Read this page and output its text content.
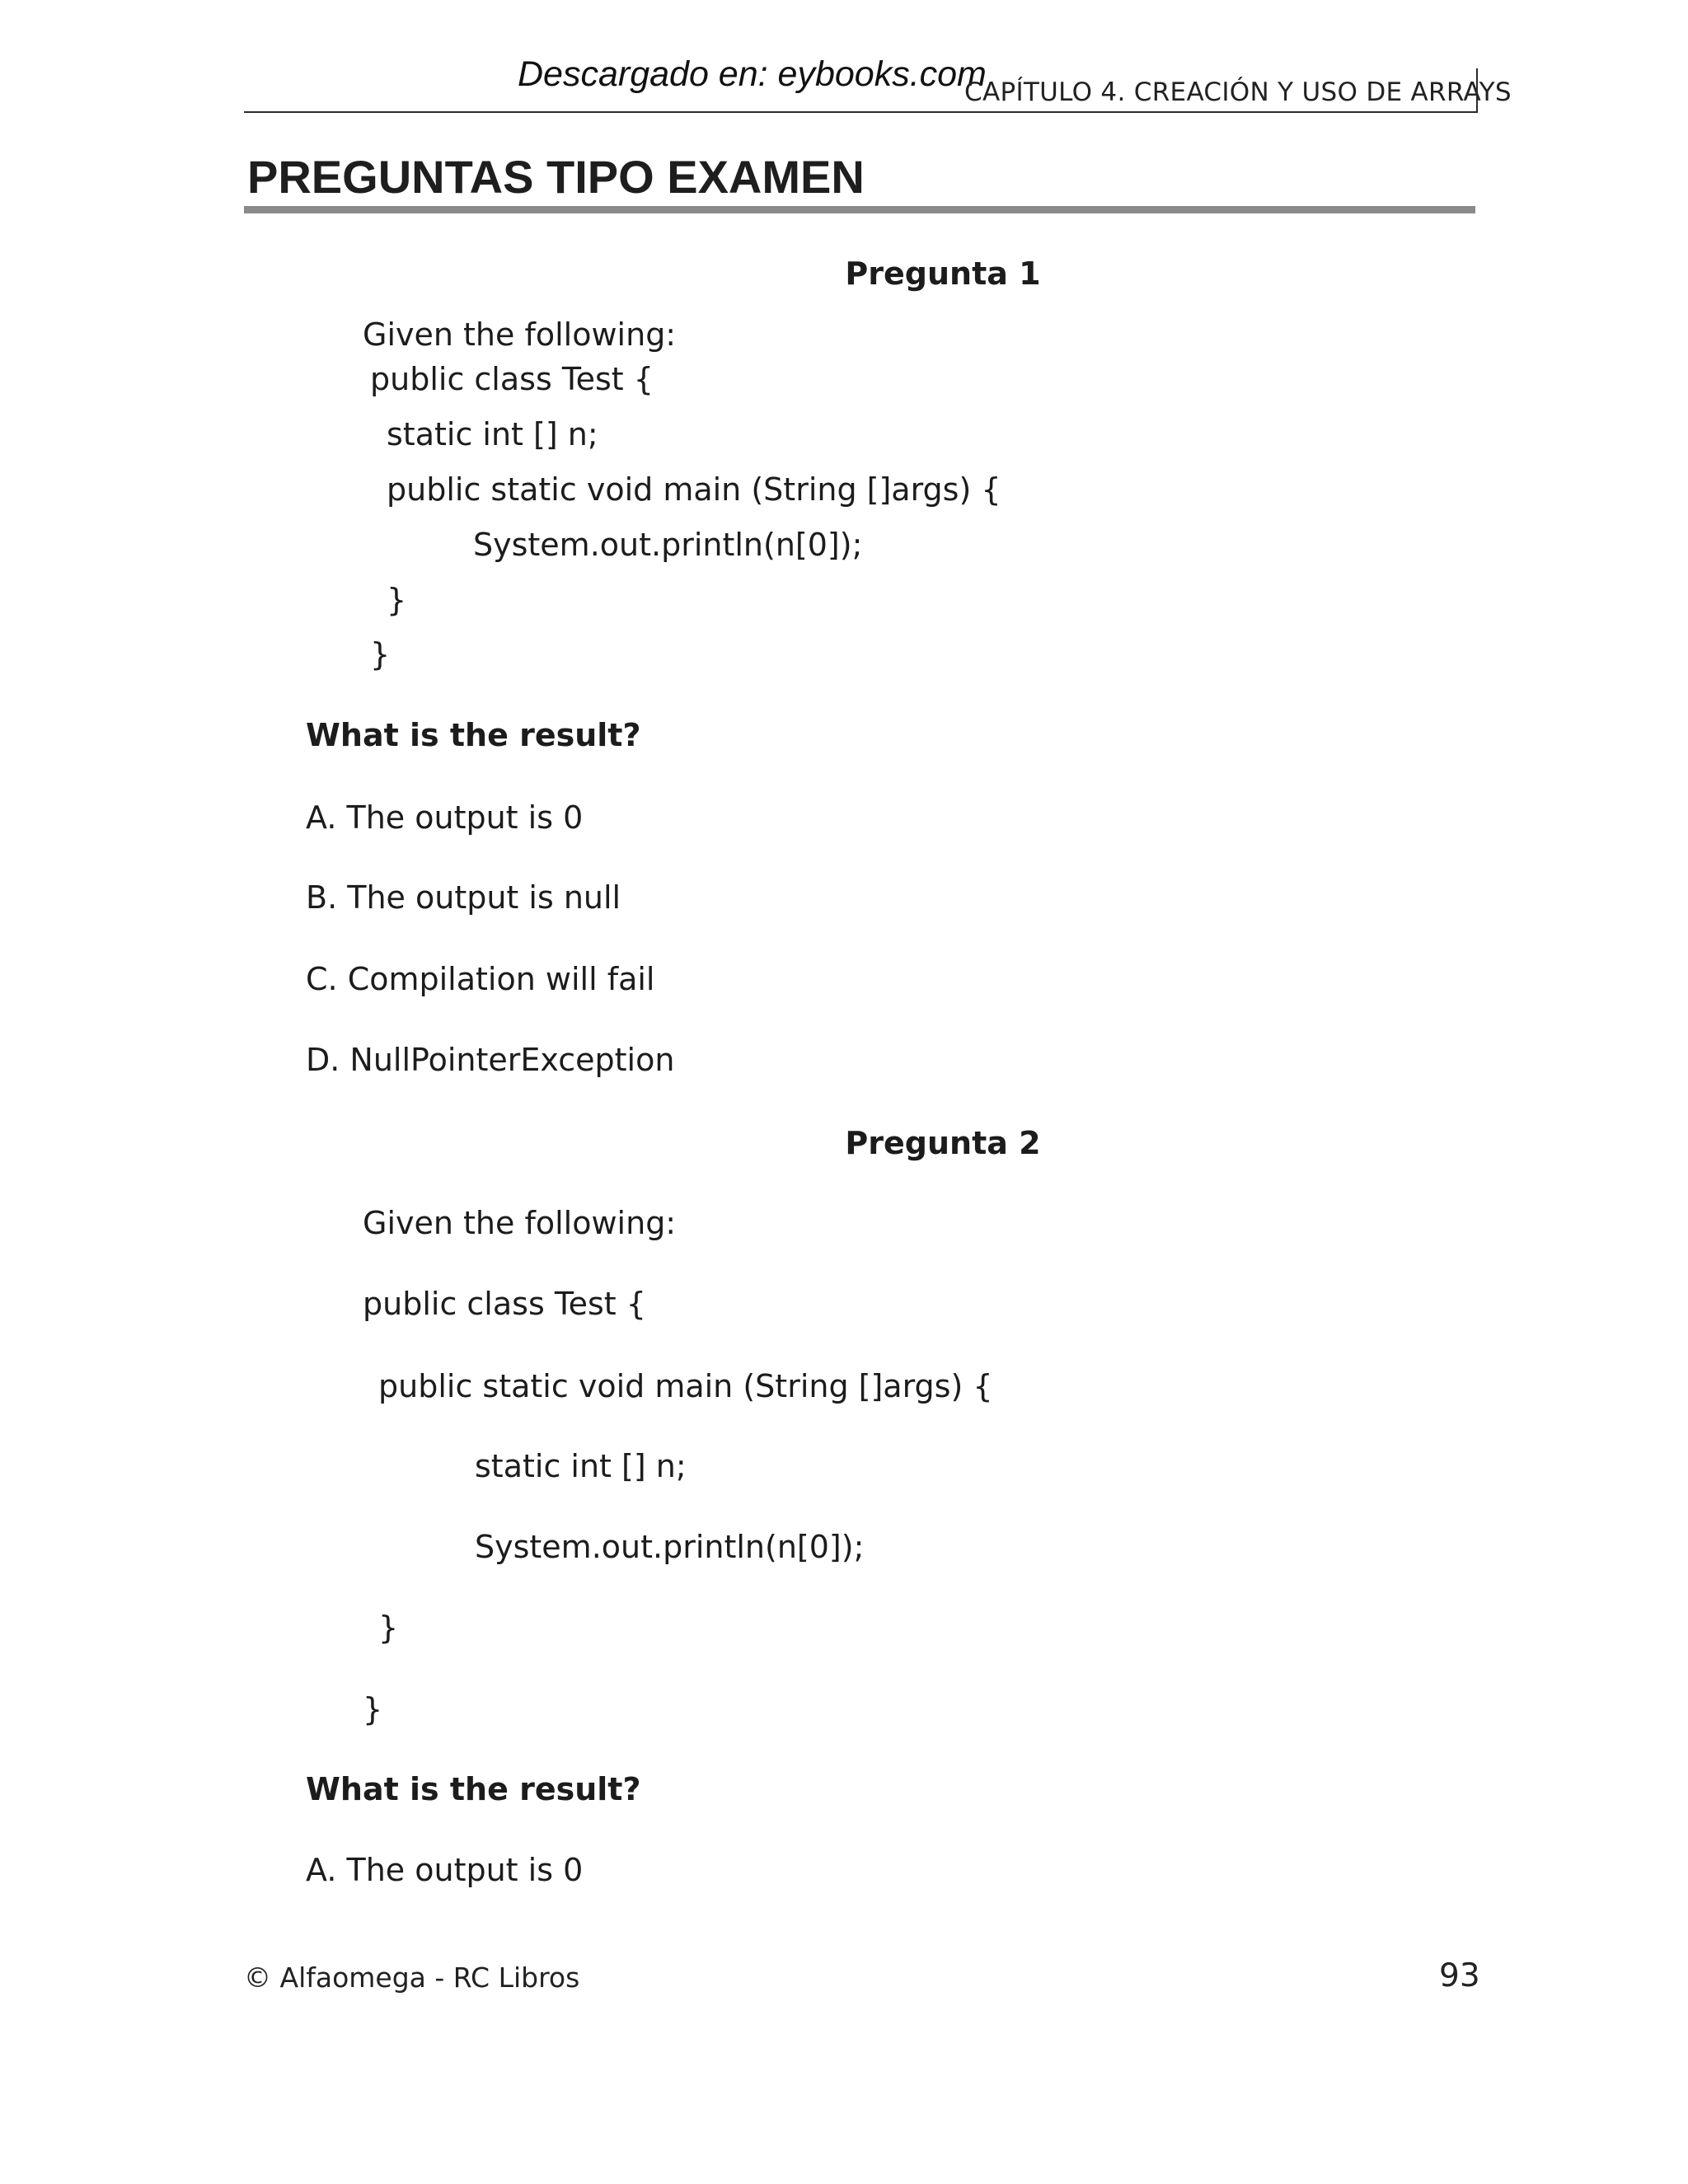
Descargado en: eybooks.com
CAPÍTULO 4. CREACIÓN Y USO DE ARRAYS
PREGUNTAS TIPO EXAMEN
Pregunta 1
Given the following:
public class Test {
static int [] n;
public static void main (String []args) {
System.out.println(n[0]);
}
}
What is the result?
A. The output is 0
B. The output is null
C. Compilation will fail
D. NullPointerException
Pregunta 2
Given the following:
public class Test {
public static void main (String []args) {
static int [] n;
System.out.println(n[0]);
}
}
What is the result?
A. The output is 0
© Alfaomega - RC Libros	93
